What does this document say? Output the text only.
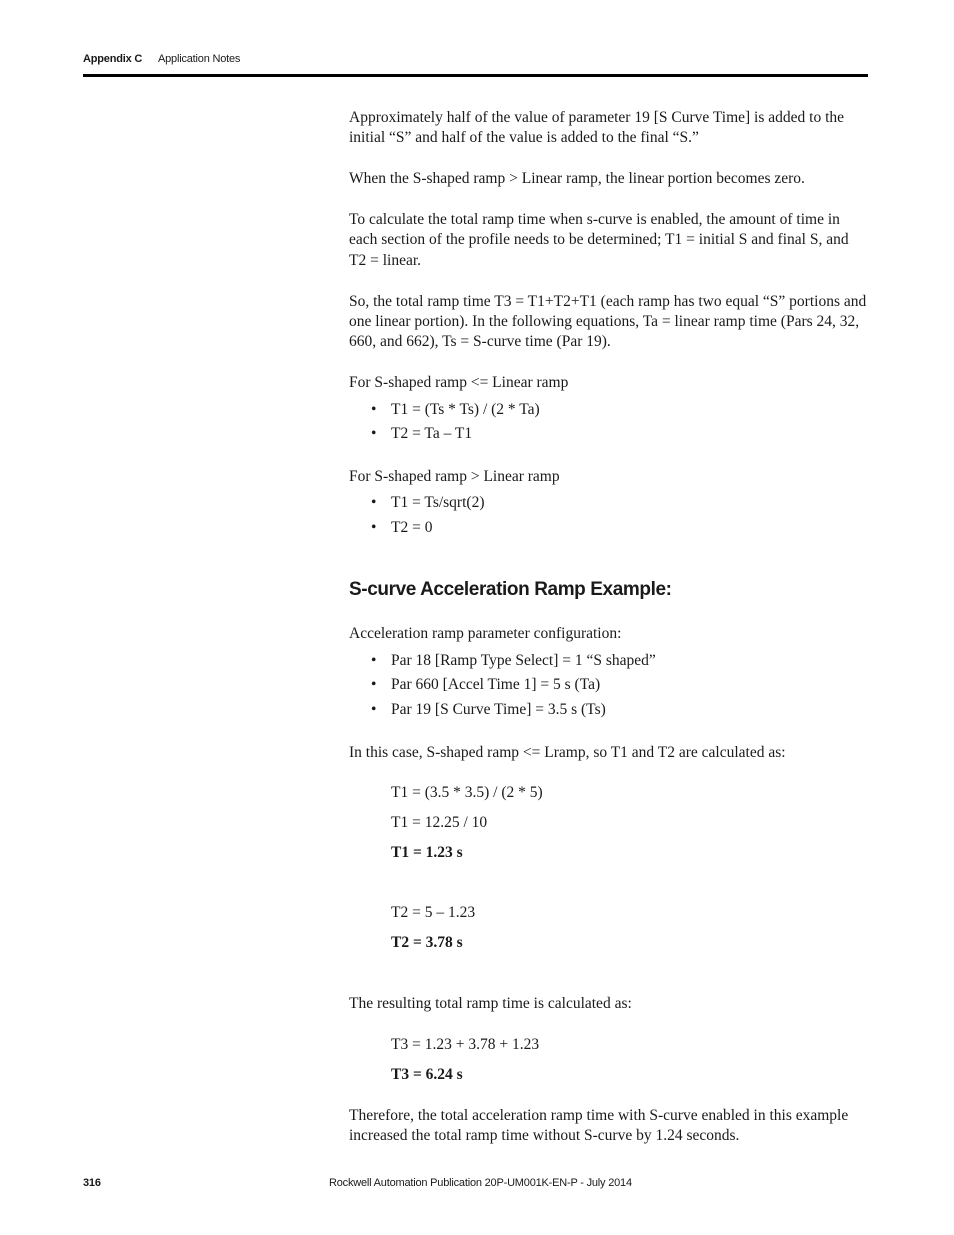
Appendix C Application Notes

Approximately half of the value of parameter 19 [S Curve Time] is added to the initial “S” and half of the value is added to the final “S.”

When the S-shaped ramp > Linear ramp, the linear portion becomes zero.

To calculate the total ramp time when s-curve is enabled, the amount of time in each section of the profile needs to be determined; T1 = initial S and final S, and T2 = linear.

So, the total ramp time T3 = T1+T2+T1 (each ramp has two equal “S” portions and one linear portion). In the following equations, Ta = linear ramp time (Pars 24, 32, 660, and 662), Ts = S-curve time (Par 19).

For S-shaped ramp <= Linear ramp

• T1 = (Ts * Ts) / (2 * Ta)
• T2 = Ta – T1

For S-shaped ramp > Linear ramp

• T1 = Ts/sqrt(2)
• T2 = 0
S-curve Acceleration Ramp Example:

Acceleration ramp parameter configuration:

• Par 18 [Ramp Type Select] = 1 “S shaped”
• Par 660 [Accel Time 1] = 5 s (Ta)
• Par 19 [S Curve Time] = 3.5 s (Ts)

In this case, S-shaped ramp <= Lramp, so T1 and T2 are calculated as:

T1 = (3.5 * 3.5) / (2 * 5)
T1 = 12.25 / 10
T1 = 1.23 s
T2 = 5 – 1.23
T2 = 3.78 s

The resulting total ramp time is calculated as:

T3 = 1.23 + 3.78 + 1.23
T3 = 6.24 s

Therefore, the total acceleration ramp time with S-curve enabled in this example increased the total ramp time without S-curve by 1.24 seconds.

316	Rockwell Automation Publication 20P-UM001K-EN-P - July 2014
